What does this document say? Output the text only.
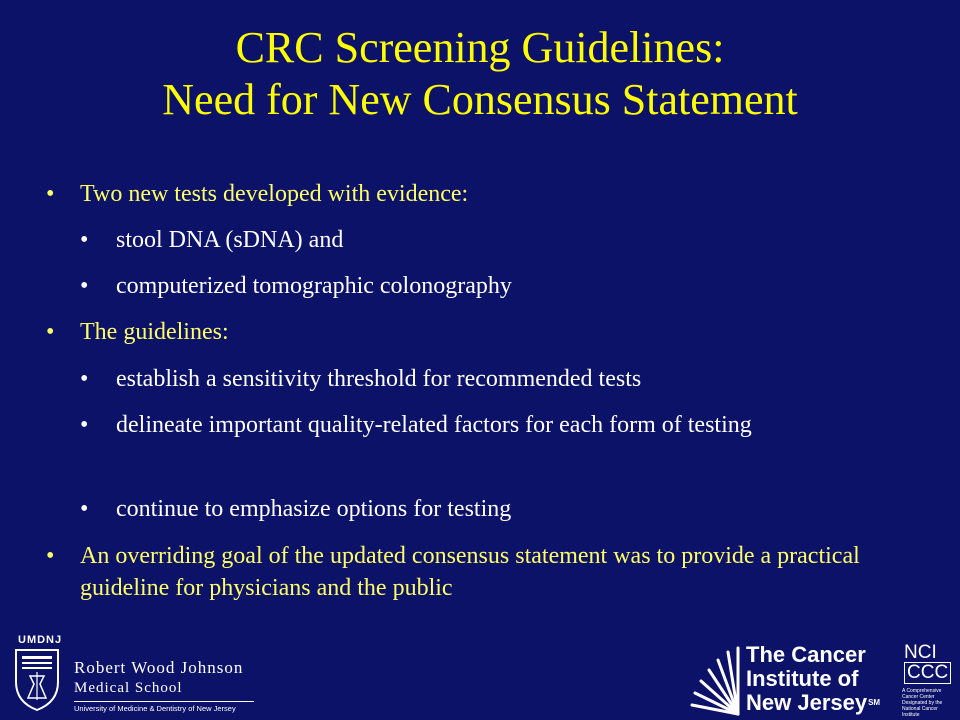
CRC Screening Guidelines:
Need for New Consensus Statement
• Two new tests developed with evidence:
• stool DNA (sDNA) and
• computerized tomographic colonography
• The guidelines:
• establish a sensitivity threshold for recommended tests
• delineate important quality-related factors for each form of testing
• continue to emphasize options for testing
• An overriding goal of the updated consensus statement was to provide a practical guideline for physicians and the public
UMDNJ
Robert Wood Johnson
Medical School
University of Medicine & Dentistry of New Jersey
The Cancer
Institute of
New Jersey℠
NCI
CCC
A Comprehensive Cancer Center Designated by the National Cancer Institute
